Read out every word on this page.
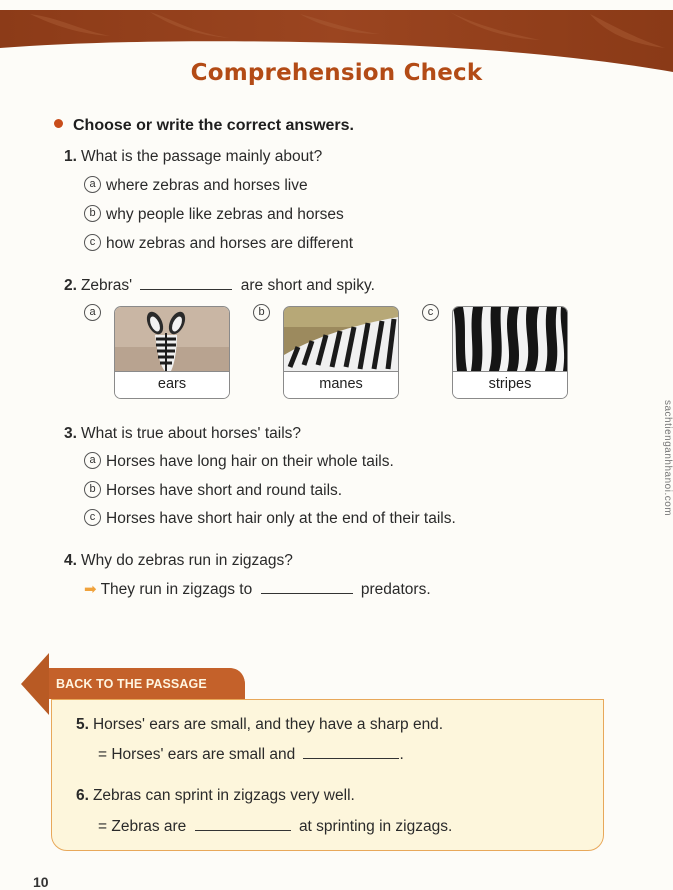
Comprehension Check
Choose or write the correct answers.
1. What is the passage mainly about?
a where zebras and horses live
b why people like zebras and horses
c how zebras and horses are different
2. Zebras'	are short and spiky.
a
ears
b
manes
c
stripes
3. What is true about horses' tails?
a Horses have long hair on their whole tails.
b Horses have short and round tails.
c Horses have short hair only at the end of their tails.
4. Why do zebras run in zigzags?
➡ They run in zigzags to	predators.
BACK TO THE PASSAGE
5. Horses' ears are small, and they have a sharp end.
= Horses' ears are small and	.
6. Zebras can sprint in zigzags very well.
= Zebras are	at sprinting in zigzags.
10
sachtienganhhanoi.com
